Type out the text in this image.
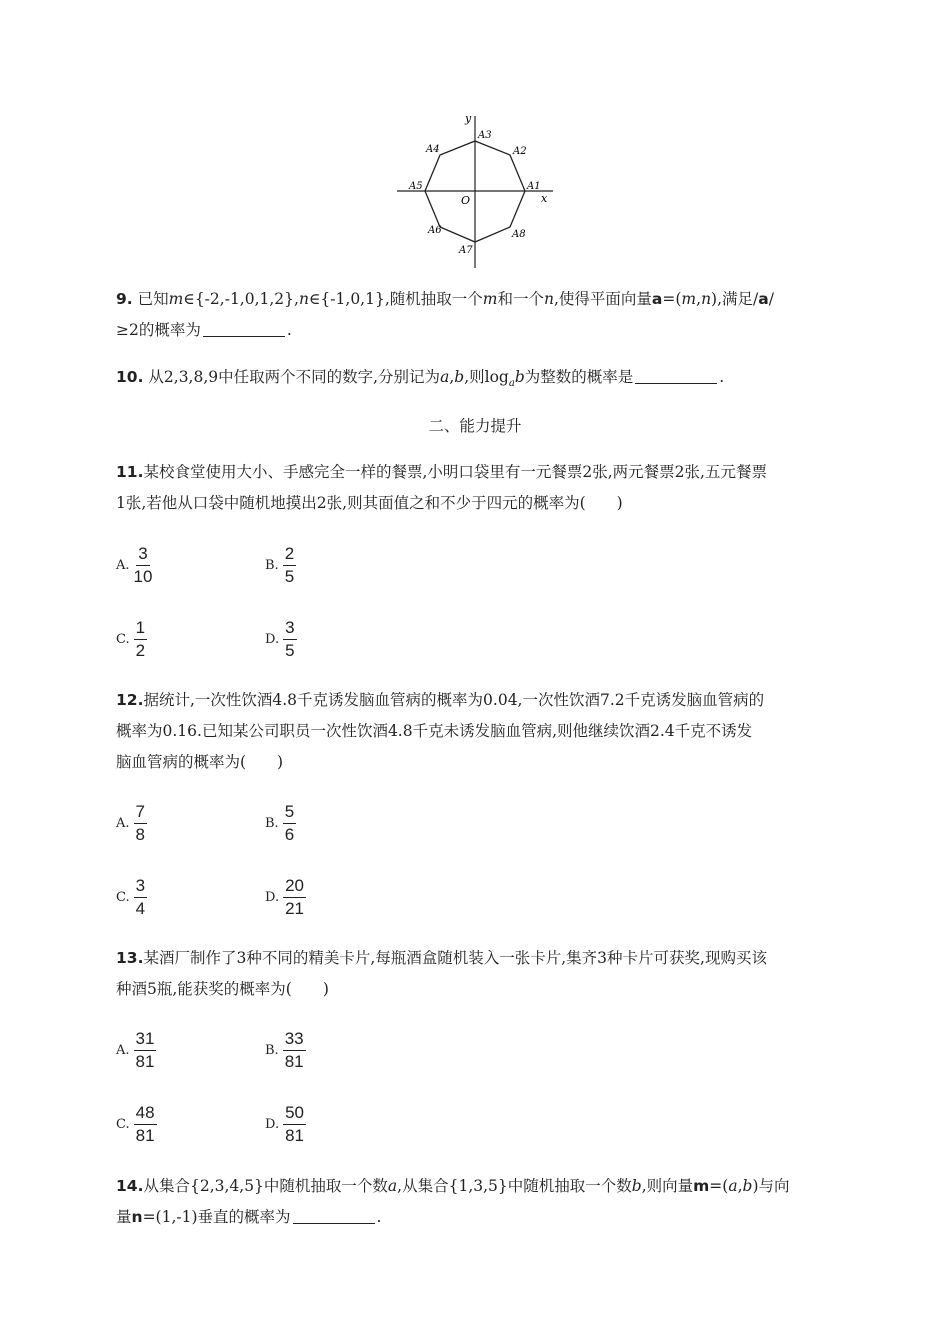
x
y
O
A1
A2
A3
A4
A5
A6
A7
A8
9. 已知m∈{-2,-1,0,1,2},n∈{-1,0,1},随机抽取一个m和一个n,使得平面向量a=(m,n),满足/a/
≥2的概率为	.
10. 从2,3,8,9中任取两个不同的数字,分别记为a,b,则$\log_ab$为整数的概率是	.
二、能力提升
11.某校食堂使用大小、手感完全一样的餐票,小明口袋里有一元餐票2张,两元餐票2张,五元餐票
1张,若他从口袋中随机地摸出2张,则其面值之和不少于四元的概率为(　　)
A. $\frac{3}{10}$	B. $\frac{2}{5}$
C. $\frac{1}{2}$	D. $\frac{3}{5}$
12.据统计,一次性饮酒4.8千克诱发脑血管病的概率为0.04,一次性饮酒7.2千克诱发脑血管病的
概率为0.16.已知某公司职员一次性饮酒4.8千克未诱发脑血管病,则他继续饮酒2.4千克不诱发
脑血管病的概率为(　　)
A. $\frac{7}{8}$	B. $\frac{5}{6}$
C. $\frac{3}{4}$	D. $\frac{20}{21}$
13.某酒厂制作了3种不同的精美卡片,每瓶酒盒随机装入一张卡片,集齐3种卡片可获奖,现购买该
种酒5瓶,能获奖的概率为(　　)
A. $\frac{31}{81}$	B. $\frac{33}{81}$
C. $\frac{48}{81}$	D. $\frac{50}{81}$
14.从集合{2,3,4,5}中随机抽取一个数a,从集合{1,3,5}中随机抽取一个数b,则向量m=(a,b)与向
量n=(1,-1)垂直的概率为	.
